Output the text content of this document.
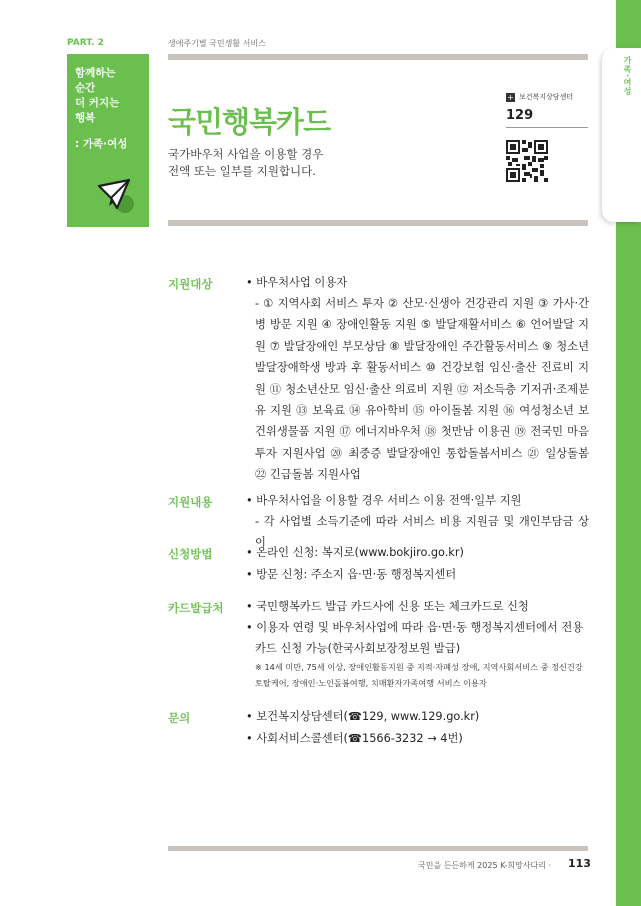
가족·여성
PART. 2	생애주기별 국민생활 서비스
함께하는
순간
더 커지는
행복
: 가족·여성
국민행복카드
국가바우처 사업을 이용할 경우
전액 또는 일부를 지원합니다.
+ 보건복지상담센터
129
지원대상	• 바우처사업 이용자
- ① 지역사회 서비스 투자 ② 산모·신생아 건강관리 지원 ③ 가사·간병 방문 지원 ④ 장애인활동 지원 ⑤ 발달재활서비스 ⑥ 언어발달 지원 ⑦ 발달장애인 부모상담 ⑧ 발달장애인 주간활동서비스 ⑨ 청소년 발달장애학생 방과 후 활동서비스 ⑩ 건강보험 임신·출산 진료비 지원 ⑪ 청소년산모 임신·출산 의료비 지원 ⑫ 저소득층 기저귀·조제분유 지원 ⑬ 보육료 ⑭ 유아학비 ⑮ 아이돌봄 지원 ⑯ 여성청소년 보건위생물품 지원 ⑰ 에너지바우처 ⑱ 첫만남 이용권 ⑲ 전국민 마음투자 지원사업 ⑳ 최중증 발달장애인 통합돌봄서비스 ㉑ 일상돌봄 ㉒ 긴급돌봄 지원사업
지원내용	• 바우처사업을 이용할 경우 서비스 이용 전액·일부 지원
- 각 사업별 소득기준에 따라 서비스 비용 지원금 및 개인부담금 상이
신청방법	• 온라인 신청: 복지로(www.bokjiro.go.kr)
• 방문 신청: 주소지 읍·면·동 행정복지센터
카드발급처 • 국민행복카드 발급 카드사에 신용 또는 체크카드로 신청
• 이용자 연령 및 바우처사업에 따라 읍·면·동 행정복지센터에서 전용
카드 신청 가능(한국사회보장정보원 발급)
※ 14세 미만, 75세 이상, 장애인활동지원 중 지적·자폐성 장애, 지역사회서비스 중 정신건강 토탈케어, 장애인·노인돌봄여행, 치매환자가족여행 서비스 이용자
문의	• 보건복지상담센터(☎129, www.129.go.kr)
• 사회서비스콜센터(☎1566-3232 → 4번)
국민을 든든하게 2025 K-희망사다리 · 113
